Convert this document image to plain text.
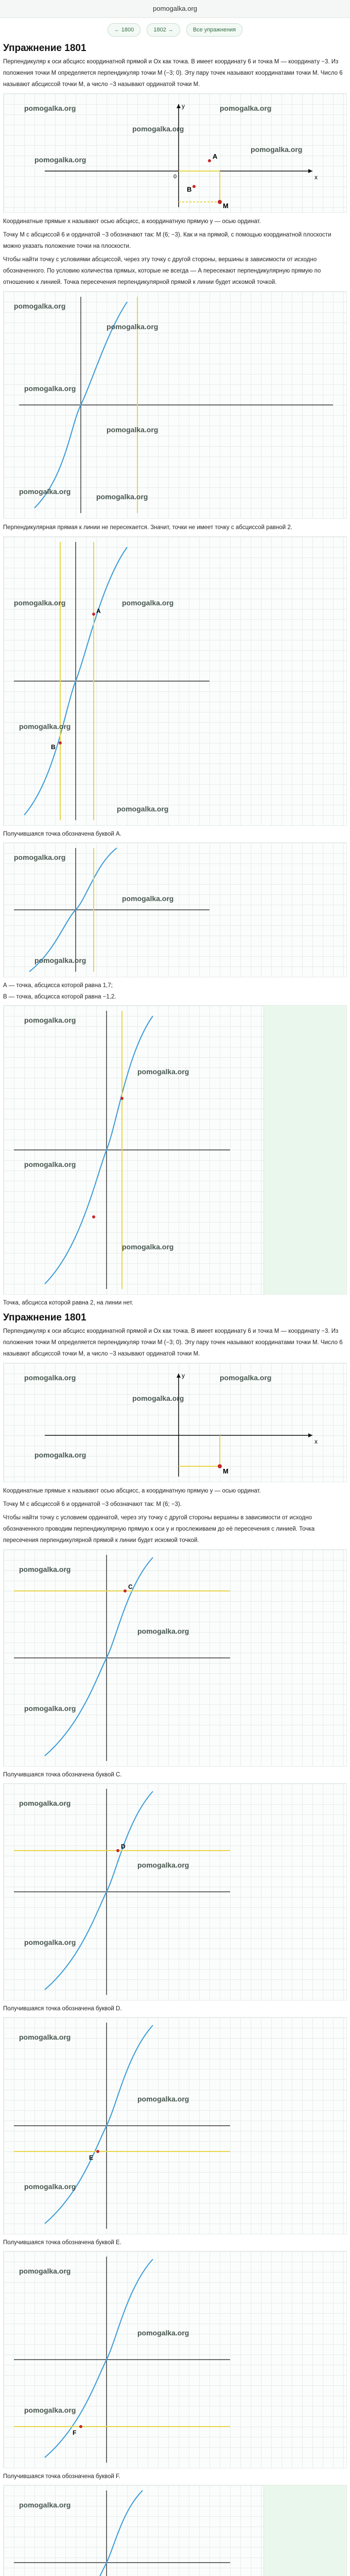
pomogalka.org
← 1800	1802 →	Все упражнения
Упражнение 1801

Перпендикуляр к оси абсцисс координатной прямой и Ох как точка. В имеет координату 6 и точка М — координату −3. Из положения точки М определяется перпендикуляр точки М (−3; 0). Эту пару точек называют координатами точки М. Число 6 называют абсциссой точки М, а число −3 называют ординатой точки М.

x
y
0
M
A
B
pomogalka.org
pomogalka.org
pomogalka.org
pomogalka.org
pomogalka.org

Координатные прямые х называют осью абсцисс, а координатную прямую у — осью ординат.

Точку М с абсциссой 6 и ординатой −3 обозначают так: М (6; −3). Как и на прямой, с помощью координатной плоскости можно указать положение точки на плоскости.

Чтобы найти точку с условиями абсциссой, через эту точку с другой стороны, вершины в зависимости от исходно обозначенного. По условию количества прямых, которые не всегда — А пересекают перпендикулярную прямую по отношению к линией. Точка пересечения перпендикулярной прямой к линии будет искомой точкой.

pomogalka.org
pomogalka.org
pomogalka.org
pomogalka.org
pomogalka.org
pomogalka.org

Перпендикулярная прямая к линии не пересекается. Значит, точки не имеет точку с абсциссой равной 2.

A
B
pomogalka.org	pomogalka.org
pomogalka.org
pomogalka.org

Получившаяся точка обозначена буквой А.

pomogalka.org
pomogalka.org
pomogalka.org

А — точка, абсцисса которой равна 1,7;

В — точка, абсцисса которой равна −1,2.

pomogalka.org
pomogalka.org
pomogalka.org
pomogalka.org

Точка, абсцисса которой равна 2, на линии нет.

Упражнение 1801

Перпендикуляр к оси абсцисс координатной прямой и Ох как точка. В имеет координату 6 и точка М — координату −3. Из положения точки М определяется перпендикуляр точки М (−3; 0). Эту пару точек называют координатами точки М. Число 6 называют абсциссой точки М, а число −3 называют ординатой точки М.

M
x
y
pomogalka.org
pomogalka.org
pomogalka.org
pomogalka.org

Координатные прямые х называют осью абсцисс, а координатную прямую у — осью ординат.

Точку М с абсциссой 6 и ординатой −3 обозначают так: М (6; −3).

Чтобы найти точку с условием ординатой, через эту точку с другой стороны вершины в зависимости от исходно обозначенного проводим перпендикулярную прямую к оси y и прослеживаем до её пересечения с линией. Точка пересечения перпендикулярной прямой к линии будет искомой точкой.

C
pomogalka.org
pomogalka.org
pomogalka.org

Получившаяся точка обозначена буквой С.

D
pomogalka.org
pomogalka.org
pomogalka.org

Получившаяся точка обозначена буквой D.

E
pomogalka.org
pomogalka.org
pomogalka.org

Получившаяся точка обозначена буквой Е.

F
pomogalka.org
pomogalka.org
pomogalka.org

Получившаяся точка обозначена буквой F.

pomogalka.org
